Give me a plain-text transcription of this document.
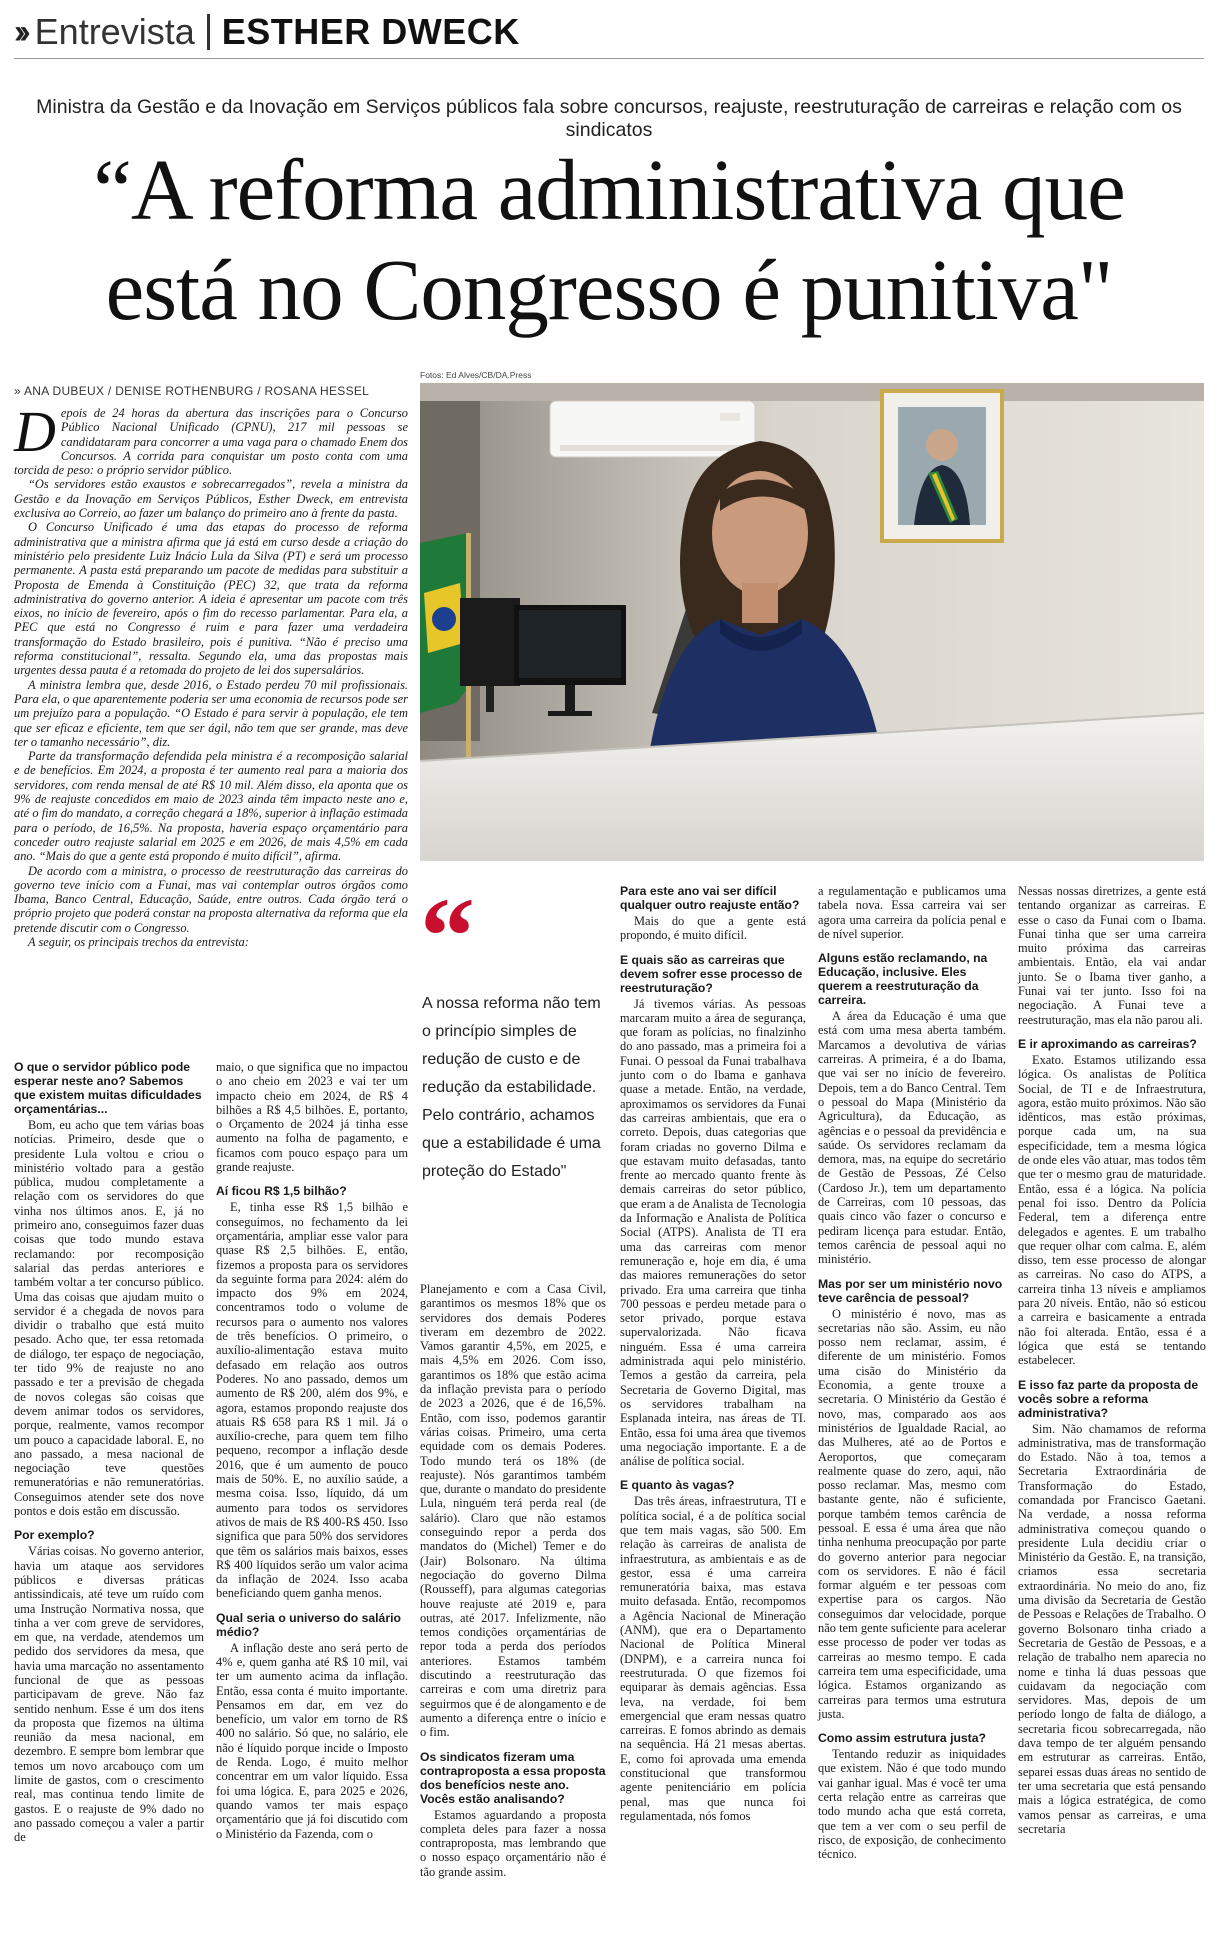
›› Entrevista ESTHER DWECK
Ministra da Gestão e da Inovação em Serviços públicos fala sobre concursos, reajuste, reestruturação de carreiras e relação com os sindicatos
“A reforma administrativa que
está no Congresso é punitiva"
» ANA DUBEUX / DENISE ROTHENBURG / ROSANA HESSEL
Fotos: Ed Alves/CB/DA.Press
D epois de 24 horas da abertura das inscrições para o Concurso Público Nacional Unificado (CPNU), 217 mil pessoas se candidataram para concorrer a uma vaga para o chamado Enem dos Concursos. A corrida para conquistar um posto conta com uma torcida de peso: o próprio servidor público.

“Os servidores estão exaustos e sobrecarregados”, revela a ministra da Gestão e da Inovação em Serviços Públicos, Esther Dweck, em entrevista exclusiva ao Correio, ao fazer um balanço do primeiro ano à frente da pasta.

O Concurso Unificado é uma das etapas do processo de reforma administrativa que a ministra afirma que já está em curso desde a criação do ministério pelo presidente Luiz Inácio Lula da Silva (PT) e será um processo permanente. A pasta está preparando um pacote de medidas para substituir a Proposta de Emenda à Constituição (PEC) 32, que trata da reforma administrativa do governo anterior. A ideia é apresentar um pacote com três eixos, no início de fevereiro, após o fim do recesso parlamentar. Para ela, a PEC que está no Congresso é ruim e para fazer uma verdadeira transformação do Estado brasileiro, pois é punitiva. “Não é preciso uma reforma constitucional”, ressalta. Segundo ela, uma das propostas mais urgentes dessa pauta é a retomada do projeto de lei dos supersalários.

A ministra lembra que, desde 2016, o Estado perdeu 70 mil profissionais. Para ela, o que aparentemente poderia ser uma economia de recursos pode ser um prejuízo para a população. “O Estado é para servir à população, ele tem que ser eficaz e eficiente, tem que ser ágil, não tem que ser grande, mas deve ter o tamanho necessário”, diz.

Parte da transformação defendida pela ministra é a recomposição salarial e de benefícios. Em 2024, a proposta é ter aumento real para a maioria dos servidores, com renda mensal de até R$ 10 mil. Além disso, ela aponta que os 9% de reajuste concedidos em maio de 2023 ainda têm impacto neste ano e, até o fim do mandato, a correção chegará a 18%, superior à inflação estimada para o período, de 16,5%. Na proposta, haveria espaço orçamentário para conceder outro reajuste salarial em 2025 e em 2026, de mais 4,5% em cada ano. “Mais do que a gente está propondo é muito difícil”, afirma.

De acordo com a ministra, o processo de reestruturação das carreiras do governo teve início com a Funai, mas vai contemplar outros órgãos como Ibama, Banco Central, Educação, Saúde, entre outros. Cada órgão terá o próprio projeto que poderá constar na proposta alternativa da reforma que ela pretende discutir com o Congresso.

A seguir, os principais trechos da entrevista:	“
A nossa reforma não tem o princípio simples de redução de custo e de redução da estabilidade. Pelo contrário, achamos que a estabilidade é uma proteção do Estado"
O que o servidor público pode esperar neste ano? Sabemos que existem muitas dificuldades orçamentárias...

Bom, eu acho que tem várias boas notícias. Primeiro, desde que o presidente Lula voltou e criou o ministério voltado para a gestão pública, mudou completamente a relação com os servidores do que vinha nos últimos anos. E, já no primeiro ano, conseguimos fazer duas coisas que todo mundo estava reclamando: por recomposição salarial das perdas anteriores e também voltar a ter concurso público. Uma das coisas que ajudam muito o servidor é a chegada de novos para dividir o trabalho que está muito pesado. Acho que, ter essa retomada de diálogo, ter espaço de negociação, ter tido 9% de reajuste no ano passado e ter a previsão de chegada de novos colegas são coisas que devem animar todos os servidores, porque, realmente, vamos recompor um pouco a capacidade laboral. E, no ano passado, a mesa nacional de negociação teve questões remuneratórias e não remuneratórias. Conseguimos atender sete dos nove pontos e dois estão em discussão.

Por exemplo?

Várias coisas. No governo anterior, havia um ataque aos servidores públicos e diversas práticas antissindicais, até teve um ruído com uma Instrução Normativa nossa, que tinha a ver com greve de servidores, em que, na verdade, atendemos um pedido dos servidores da mesa, que havia uma marcação no assentamento funcional de que as pessoas participavam de greve. Não faz sentido nenhum. Esse é um dos itens da proposta que fizemos na última reunião da mesa nacional, em dezembro. E sempre bom lembrar que temos um novo arcabouço com um limite de gastos, com o crescimento real, mas continua tendo limite de gastos. E o reajuste de 9% dado no ano passado começou a valer a partir de

maio, o que significa que no impactou o ano cheio em 2023 e vai ter um impacto cheio em 2024, de R$ 4 bilhões a R$ 4,5 bilhões. E, portanto, o Orçamento de 2024 já tinha esse aumento na folha de pagamento, e ficamos com pouco espaço para um grande reajuste.

Aí ficou R$ 1,5 bilhão?

E, tinha esse R$ 1,5 bilhão e conseguimos, no fechamento da lei orçamentária, ampliar esse valor para quase R$ 2,5 bilhões. E, então, fizemos a proposta para os servidores da seguinte forma para 2024: além do impacto dos 9% em 2024, concentramos todo o volume de recursos para o aumento nos valores de três benefícios. O primeiro, o auxílio-alimentação estava muito defasado em relação aos outros Poderes. No ano passado, demos um aumento de R$ 200, além dos 9%, e agora, estamos propondo reajuste dos atuais R$ 658 para R$ 1 mil. Já o auxílio-creche, para quem tem filho pequeno, recompor a inflação desde 2016, que é um aumento de pouco mais de 50%. E, no auxílio saúde, a mesma coisa. Isso, líquido, dá um aumento para todos os servidores ativos de mais de R$ 400-R$ 450. Isso significa que para 50% dos servidores que têm os salários mais baixos, esses R$ 400 líquidos serão um valor acima da inflação de 2024. Isso acaba beneficiando quem ganha menos.

Qual seria o universo do salário médio?

A inflação deste ano será perto de 4% e, quem ganha até R$ 10 mil, vai ter um aumento acima da inflação. Então, essa conta é muito importante. Pensamos em dar, em vez do benefício, um valor em torno de R$ 400 no salário. Só que, no salário, ele não é líquido porque incide o Imposto de Renda. Logo, é muito melhor concentrar em um valor líquido. Essa foi uma lógica. E, para 2025 e 2026, quando vamos ter mais espaço orçamentário que já foi discutido com o Ministério da Fazenda, com o

Planejamento e com a Casa Civil, garantimos os mesmos 18% que os servidores dos demais Poderes tiveram em dezembro de 2022. Vamos garantir 4,5%, em 2025, e mais 4,5% em 2026. Com isso, garantimos os 18% que estão acima da inflação prevista para o período de 2023 a 2026, que é de 16,5%. Então, com isso, podemos garantir várias coisas. Primeiro, uma certa equidade com os demais Poderes. Todo mundo terá os 18% (de reajuste). Nós garantimos também que, durante o mandato do presidente Lula, ninguém terá perda real (de salário). Claro que não estamos conseguindo repor a perda dos mandatos do (Michel) Temer e do (Jair) Bolsonaro. Na última negociação do governo Dilma (Rousseff), para algumas categorias houve reajuste até 2019 e, para outras, até 2017. Infelizmente, não temos condições orçamentárias de repor toda a perda dos períodos anteriores. Estamos também discutindo a reestruturação das carreiras e com uma diretriz para seguirmos que é de alongamento e de aumento a diferença entre o início e o fim.

Os sindicatos fizeram uma contraproposta a essa proposta dos benefícios neste ano. Vocês estão analisando?

Estamos aguardando a proposta completa deles para fazer a nossa contraproposta, mas lembrando que o nosso espaço orçamentário não é tão grande assim.

Para este ano vai ser difícil qualquer outro reajuste então?

Mais do que a gente está propondo, é muito difícil.

E quais são as carreiras que devem sofrer esse processo de reestruturação?

Já tivemos várias. As pessoas marcaram muito a área de segurança, que foram as polícias, no finalzinho do ano passado, mas a primeira foi a Funai. O pessoal da Funai trabalhava junto com o do Ibama e ganhava quase a metade. Então, na verdade, aproximamos os servidores da Funai das carreiras ambientais, que era o correto. Depois, duas categorias que foram criadas no governo Dilma e que estavam muito defasadas, tanto frente ao mercado quanto frente às demais carreiras do setor público, que eram a de Analista de Tecnologia da Informação e Analista de Política Social (ATPS). Analista de TI era uma das carreiras com menor remuneração e, hoje em dia, é uma das maiores remunerações do setor privado. Era uma carreira que tinha 700 pessoas e perdeu metade para o setor privado, porque estava supervalorizada. Não ficava ninguém. Essa é uma carreira administrada aqui pelo ministério. Temos a gestão da carreira, pela Secretaria de Governo Digital, mas os servidores trabalham na Esplanada inteira, nas áreas de TI. Então, essa foi uma área que tivemos uma negociação importante. E a de análise de política social.

E quanto às vagas?

Das três áreas, infraestrutura, TI e política social, é a de política social que tem mais vagas, são 500. Em relação às carreiras de analista de infraestrutura, as ambientais e as de gestor, essa é uma carreira remuneratória baixa, mas estava muito defasada. Então, recompomos a Agência Nacional de Mineração (ANM), que era o Departamento Nacional de Política Mineral (DNPM), e a carreira nunca foi reestruturada. O que fizemos foi equiparar às demais agências. Essa leva, na verdade, foi bem emergencial que eram nessas quatro carreiras. E fomos abrindo as demais na sequência. Há 21 mesas abertas. E, como foi aprovada uma emenda constitucional que transformou agente penitenciário em polícia penal, mas que nunca foi regulamentada, nós fomos

a regulamentação e publicamos uma tabela nova. Essa carreira vai ser agora uma carreira da polícia penal e de nível superior.

Alguns estão reclamando, na Educação, inclusive. Eles querem a reestruturação da carreira.

A área da Educação é uma que está com uma mesa aberta também. Marcamos a devolutiva de várias carreiras. A primeira, é a do Ibama, que vai ser no início de fevereiro. Depois, tem a do Banco Central. Tem o pessoal do Mapa (Ministério da Agricultura), da Educação, as agências e o pessoal da previdência e saúde. Os servidores reclamam da demora, mas, na equipe do secretário de Gestão de Pessoas, Zé Celso (Cardoso Jr.), tem um departamento de Carreiras, com 10 pessoas, das quais cinco vão fazer o concurso e pediram licença para estudar. Então, temos carência de pessoal aqui no ministério.

Mas por ser um ministério novo teve carência de pessoal?

O ministério é novo, mas as secretarias não são. Assim, eu não posso nem reclamar, assim, é diferente de um ministério. Fomos uma cisão do Ministério da Economia, a gente trouxe a secretaria. O Ministério da Gestão é novo, mas, comparado aos aos ministérios de Igualdade Racial, ao das Mulheres, até ao de Portos e Aeroportos, que começaram realmente quase do zero, aqui, não posso reclamar. Mas, mesmo com bastante gente, não é suficiente, porque também temos carência de pessoal. E essa é uma área que não tinha nenhuma preocupação por parte do governo anterior para negociar com os servidores. E não é fácil formar alguém e ter pessoas com expertise para os cargos. Não conseguimos dar velocidade, porque não tem gente suficiente para acelerar esse processo de poder ver todas as carreiras ao mesmo tempo. E cada carreira tem uma especificidade, uma lógica. Estamos organizando as carreiras para termos uma estrutura justa.

Como assim estrutura justa?

Tentando reduzir as iniquidades que existem. Não é que todo mundo vai ganhar igual. Mas é você ter uma certa relação entre as carreiras que todo mundo acha que está correta, que tem a ver com o seu perfil de risco, de exposição, de conhecimento técnico.

Nessas nossas diretrizes, a gente está tentando organizar as carreiras. E esse o caso da Funai com o Ibama. Funai tinha que ser uma carreira muito próxima das carreiras ambientais. Então, ela vai andar junto. Se o Ibama tiver ganho, a Funai vai ter junto. Isso foi na negociação. A Funai teve a reestruturação, mas ela não parou ali.

E ir aproximando as carreiras?

Exato. Estamos utilizando essa lógica. Os analistas de Política Social, de TI e de Infraestrutura, agora, estão muito próximos. Não são idênticos, mas estão próximas, porque cada um, na sua especificidade, tem a mesma lógica de onde eles vão atuar, mas todos têm que ter o mesmo grau de maturidade. Então, essa é a lógica. Na polícia penal foi isso. Dentro da Polícia Federal, tem a diferença entre delegados e agentes. E um trabalho que requer olhar com calma. E, além disso, tem esse processo de alongar as carreiras. No caso do ATPS, a carreira tinha 13 níveis e ampliamos para 20 níveis. Então, não só esticou a carreira e basicamente a entrada não foi alterada. Então, essa é a lógica que está se tentando estabelecer.

E isso faz parte da proposta de vocês sobre a reforma administrativa?

Sim. Não chamamos de reforma administrativa, mas de transformação do Estado. Não à toa, temos a Secretaria Extraordinária de Transformação do Estado, comandada por Francisco Gaetani. Na verdade, a nossa reforma administrativa começou quando o presidente Lula decidiu criar o Ministério da Gestão. E, na transição, criamos essa secretaria extraordinária. No meio do ano, fiz uma divisão da Secretaria de Gestão de Pessoas e Relações de Trabalho. O governo Bolsonaro tinha criado a Secretaria de Gestão de Pessoas, e a relação de trabalho nem aparecia no nome e tinha lá duas pessoas que cuidavam da negociação com servidores. Mas, depois de um período longo de falta de diálogo, a secretaria ficou sobrecarregada, não dava tempo de ter alguém pensando em estruturar as carreiras. Então, separei essas duas áreas no sentido de ter uma secretaria que está pensando mais a lógica estratégica, de como vamos pensar as carreiras, e uma secretaria
